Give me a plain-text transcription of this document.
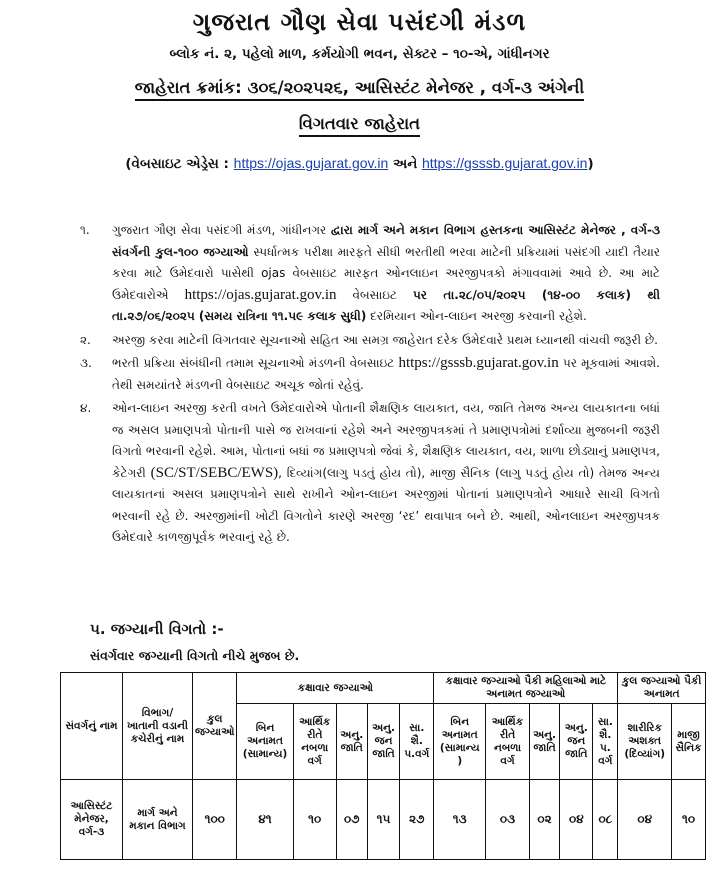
ગુજરાત ગૌણ સેવા પસંદગી મંડળ
બ્લોક નં. ૨, પહેલો માળ, કર્મયોગી ભવન, સેક્ટર – ૧૦-એ, ગાંધીનગર
જાહેરાત ક્રમાંક: ૩૦૬/૨૦૨૫૨૬, આસિસ્ટંટ મેનેજર , વર્ગ-૩ અંગેની
વિગતવાર જાહેરાત
(વેબસાઇટ એડ્રેસ : https://ojas.gujarat.gov.in અને https://gsssb.gujarat.gov.in)
૧.	ગુજરાત ગૌણ સેવા પસંદગી મંડળ, ગાંધીનગર દ્વારા માર્ગ અને મકાન વિભાગ હસ્તકના આસિસ્ટંટ મેનેજર , વર્ગ-૩ સંવર્ગની કુલ-૧૦૦ જગ્યાઓ સ્પર્ધાત્મક પરીક્ષા મારફતે સીધી ભરતીથી ભરવા માટેની પ્રક્રિયામાં પસંદગી યાદી તૈયાર કરવા માટે ઉમેદવારો પાસેથી ojas વેબસાઇટ મારફત ઓનલાઇન અરજીપત્રકો મંગાવવામાં આવે છે. આ માટે ઉમેદવારોએ https://ojas.gujarat.gov.in વેબસાઇટ પર તા.૨૮/૦૫/૨૦૨૫ (૧૪-૦૦ કલાક) થી તા.૨૭/૦૬/૨૦૨૫ (સમય રાત્રિના ૧૧.૫૯ કલાક સુધી) દરમિયાન ઓન-લાઇન અરજી કરવાની રહેશે.
૨.	અરજી કરવા માટેની વિગતવાર સૂચનાઓ સહિત આ સમગ્ર જાહેરાત દરેક ઉમેદવારે પ્રથમ ધ્યાનથી વાંચવી જરૂરી છે.
૩.	ભરતી પ્રક્રિયા સંબંધીની તમામ સૂચનાઓ મંડળની વેબસાઇટ https://gsssb.gujarat.gov.in પર મૂકવામાં આવશે. તેથી સમયાંતરે મંડળની વેબસાઇટ અચૂક જોતાં રહેવું.
૪.	ઓન-લાઇન અરજી કરતી વખતે ઉમેદવારોએ પોતાની શૈક્ષણિક લાયકાત, વય, જાતિ તેમજ અન્ય લાયકાતના બધાં જ અસલ પ્રમાણપત્રો પોતાની પાસે જ રાખવાનાં રહેશે અને અરજીપત્રકમાં તે પ્રમાણપત્રોમાં દર્શાવ્યા મુજબની જરૂરી વિગતો ભરવાની રહેશે. આમ, પોતાનાં બધાં જ પ્રમાણપત્રો જેવાં કે, શૈક્ષણિક લાયકાત, વય, શાળા છોડ્યાનું પ્રમાણપત્ર, કેટેગરી (SC/ST/SEBC/EWS), દિવ્યાંગ(લાગુ પડતું હોય તો), માજી સૈનિક (લાગુ પડતું હોય તો) તેમજ અન્ય લાયકાતનાં અસલ પ્રમાણપત્રોને સાથે રાખીને ઓન-લાઇન અરજીમાં પોતાનાં પ્રમાણપત્રોને આધારે સાચી વિગતો ભરવાની રહે છે. અરજીમાંની ખોટી વિગતોને કારણે અરજી ‘રદ’ થવાપાત્ર બને છે. આથી, ઓનલાઇન અરજીપત્રક ઉમેદવારે કાળજીપૂર્વક ભરવાનું રહે છે.
૫. જગ્યાની વિગતો :-
સંવર્ગવાર જગ્યાની વિગતો નીચે મુજબ છે.
સંવર્ગનું નામ	વિભાગ/ ખાતાની વડાની કચેરીનું નામ	કુલ જગ્યાઓ	કક્ષાવાર જગ્યાઓ					કક્ષાવાર જગ્યાઓ પૈકી મહિલાઓ માટે અનામત જગ્યાઓ					કુલ જગ્યાઓ પૈકી અનામત	
			બિન અનામત (સામાન્ય)	આર્થિક રીતે નબળા વર્ગ	અનુ. જાતિ	અનુ. જન જાતિ	સા. શૈ. પ.વર્ગ	બિન અનામત (સામાન્ય )	આર્થિક રીતે નબળા વર્ગ	અનુ. જાતિ	અનુ. જન જાતિ	સા. શૈ. પ. વર્ગ	શારીરિક અશક્ત (દિવ્યાંગ)	માજી સૈનિક
આસિસ્ટંટ મેનેજર, વર્ગ-૩	માર્ગ અને મકાન વિભાગ	૧૦૦	૪૧	૧૦	૦૭	૧૫	૨૭	૧૩	૦૩	૦૨	૦૪	૦૮	૦૪	૧૦
